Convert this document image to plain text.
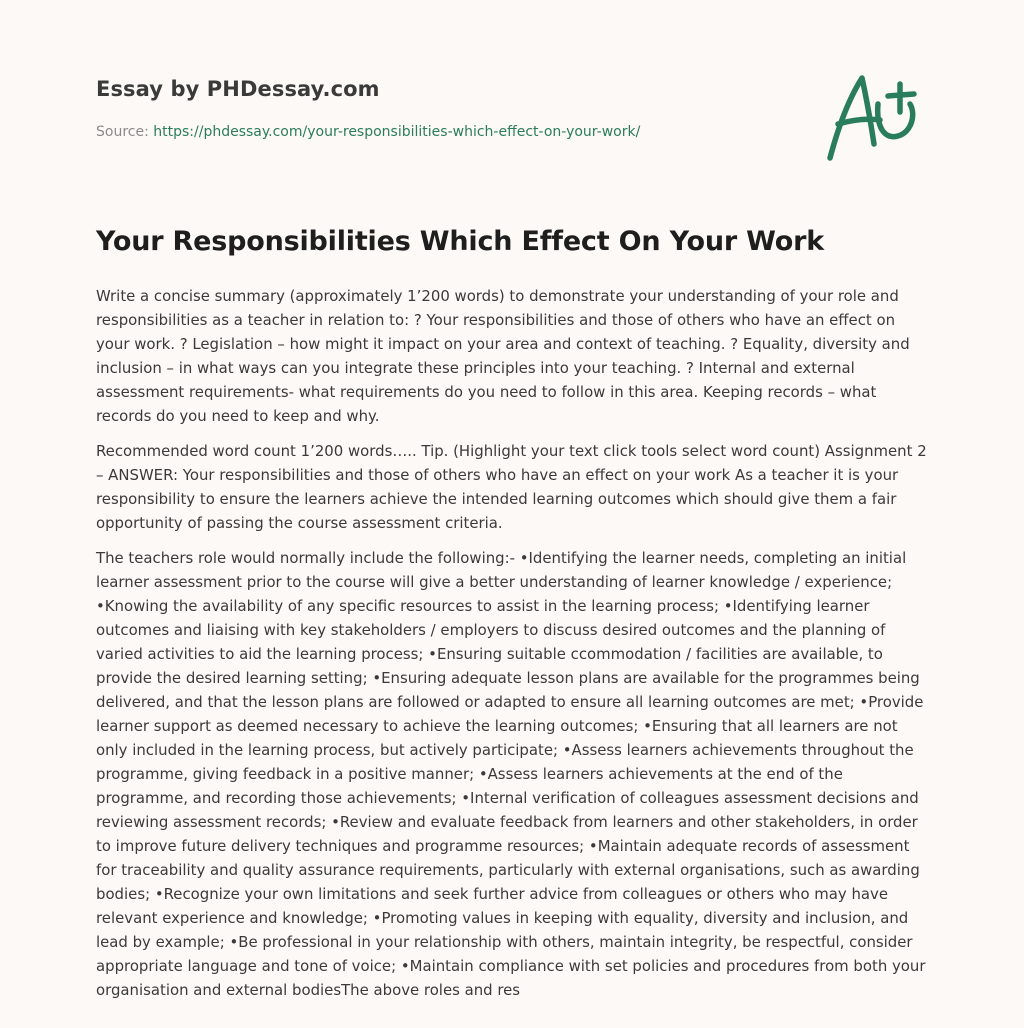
Essay by PHDessay.com
Source: https://phdessay.com/your-responsibilities-which-effect-on-your-work/
Your Responsibilities Which Effect On Your Work

Write a concise summary (approximately 1’200 words) to demonstrate your understanding of your role and responsibilities as a teacher in relation to: ? Your responsibilities and those of others who have an effect on your work. ? Legislation – how might it impact on your area and context of teaching. ? Equality, diversity and inclusion – in what ways can you integrate these principles into your teaching. ? Internal and external assessment requirements- what requirements do you need to follow in this area. Keeping records – what records do you need to keep and why.

Recommended word count 1’200 words….. Tip. (Highlight your text click tools select word count) Assignment 2 – ANSWER: Your responsibilities and those of others who have an effect on your work As a teacher it is your responsibility to ensure the learners achieve the intended learning outcomes which should give them a fair opportunity of passing the course assessment criteria.

The teachers role would normally include the following:- •Identifying the learner needs, completing an initial learner assessment prior to the course will give a better understanding of learner knowledge / experience; •Knowing the availability of any specific resources to assist in the learning process; •Identifying learner outcomes and liaising with key stakeholders / employers to discuss desired outcomes and the planning of varied activities to aid the learning process; •Ensuring suitable ccommodation / facilities are available, to provide the desired learning setting; •Ensuring adequate lesson plans are available for the programmes being delivered, and that the lesson plans are followed or adapted to ensure all learning outcomes are met; •Provide learner support as deemed necessary to achieve the learning outcomes; •Ensuring that all learners are not only included in the learning process, but actively participate; •Assess learners achievements throughout the programme, giving feedback in a positive manner; •Assess learners achievements at the end of the programme, and recording those achievements; •Internal verification of colleagues assessment decisions and reviewing assessment records; •Review and evaluate feedback from learners and other stakeholders, in order to improve future delivery techniques and programme resources; •Maintain adequate records of assessment for traceability and quality assurance requirements, particularly with external organisations, such as awarding bodies; •Recognize your own limitations and seek further advice from colleagues or others who may have relevant experience and knowledge; •Promoting values in keeping with equality, diversity and inclusion, and lead by example; •Be professional in your relationship with others, maintain integrity, be respectful, consider appropriate language and tone of voice; •Maintain compliance with set policies and procedures from both your organisation and external bodiesThe above roles and res
